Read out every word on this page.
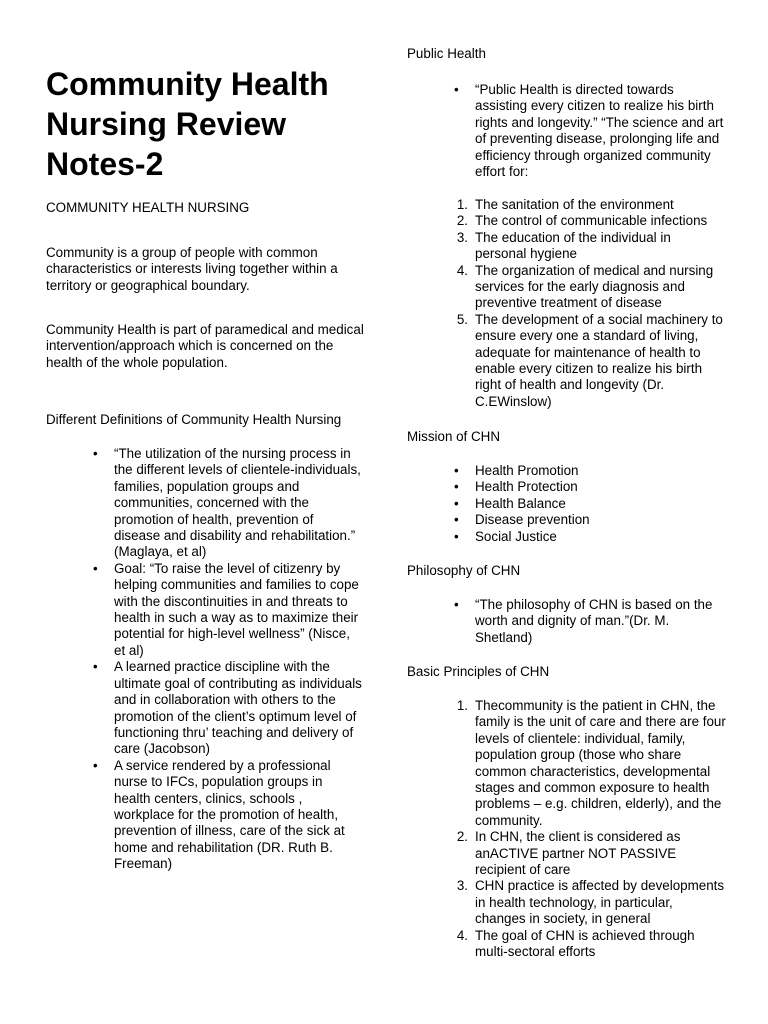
Community Health Nursing Review Notes-2

COMMUNITY HEALTH NURSING

Community is a group of people with common characteristics or interests living together within a territory or geographical boundary.

Community Health is part of paramedical and medical intervention/approach which is concerned on the health of the whole population.

Different Definitions of Community Health Nursing

• “The utilization of the nursing process in the different levels of clientele-individuals, families, population groups and communities, concerned with the promotion of health, prevention of disease and disability and rehabilitation.” (Maglaya, et al)
• Goal: “To raise the level of citizenry by helping communities and families to cope with the discontinuities in and threats to health in such a way as to maximize their potential for high-level wellness” (Nisce, et al)
• A learned practice discipline with the ultimate goal of contributing as individuals and in collaboration with others to the promotion of the client’s optimum level of functioning thru’ teaching and delivery of care (Jacobson)
• A service rendered by a professional nurse to IFCs, population groups in health centers, clinics, schools , workplace for the promotion of health, prevention of illness, care of the sick at home and rehabilitation (DR. Ruth B. Freeman)

Public Health

• “Public Health is directed towards assisting every citizen to realize his birth rights and longevity.” “The science and art of preventing disease, prolonging life and efficiency through organized community effort for:
1. The sanitation of the environment
2. The control of communicable infections
3. The education of the individual in personal hygiene
4. The organization of medical and nursing services for the early diagnosis and preventive treatment of disease
5. The development of a social machinery to ensure every one a standard of living, adequate for maintenance of health to enable every citizen to realize his birth right of health and longevity (Dr. C.EWinslow)

Mission of CHN

• Health Promotion
• Health Protection
• Health Balance
• Disease prevention
• Social Justice

Philosophy of CHN

• “The philosophy of CHN is based on the worth and dignity of man.”(Dr. M. Shetland)

Basic Principles of CHN

1. Thecommunity is the patient in CHN, the family is the unit of care and there are four levels of clientele: individual, family, population group (those who share common characteristics, developmental stages and common exposure to health problems – e.g. children, elderly), and the community.
2. In CHN, the client is considered as anACTIVE partner NOT PASSIVE recipient of care
3. CHN practice is affected by developments in health technology, in particular, changes in society, in general
4. The goal of CHN is achieved through multi-sectoral efforts
